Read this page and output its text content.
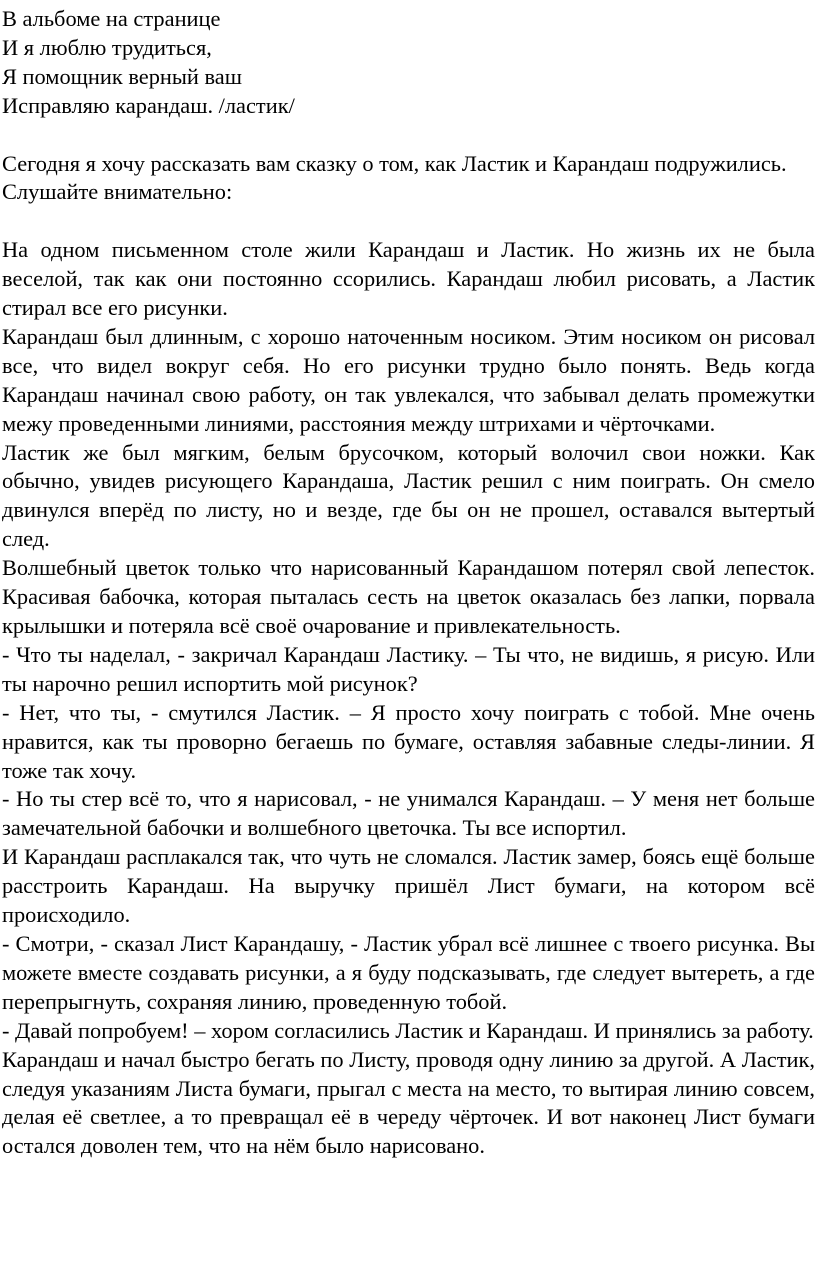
В альбоме на странице
И я люблю трудиться,
Я помощник верный ваш
Исправляю карандаш. /ластик/

Сегодня я хочу рассказать вам сказку о том, как Ластик и Карандаш подружились.

Слушайте внимательно:

На одном письменном столе жили Карандаш и Ластик. Но жизнь их не была веселой, так как они постоянно ссорились. Карандаш любил рисовать, а Ластик стирал все его рисунки.

Карандаш был длинным, с хорошо наточенным носиком. Этим носиком он рисовал все, что видел вокруг себя. Но его рисунки трудно было понять. Ведь когда Карандаш начинал свою работу, он так увлекался, что забывал делать промежутки межу проведенными линиями, расстояния между штрихами и чёрточками.

Ластик же был мягким, белым брусочком, который волочил свои ножки. Как обычно, увидев рисующего Карандаша, Ластик решил с ним поиграть. Он смело двинулся вперёд по листу, но и везде, где бы он не прошел, оставался вытертый след.

Волшебный цветок только что нарисованный Карандашом потерял свой лепесток. Красивая бабочка, которая пыталась сесть на цветок оказалась без лапки, порвала крылышки и потеряла всё своё очарование и привлекательность.

- Что ты наделал, - закричал Карандаш Ластику. – Ты что, не видишь, я рисую. Или ты нарочно решил испортить мой рисунок?

- Нет, что ты, - смутился Ластик. – Я просто хочу поиграть с тобой. Мне очень нравится, как ты проворно бегаешь по бумаге, оставляя забавные следы-линии. Я тоже так хочу.

- Но ты стер всё то, что я нарисовал, - не унимался Карандаш. – У меня нет больше замечательной бабочки и волшебного цветочка. Ты все испортил.

И Карандаш расплакался так, что чуть не сломался. Ластик замер, боясь ещё больше расстроить Карандаш. На выручку пришёл Лист бумаги, на котором всё происходило.

- Смотри, - сказал Лист Карандашу, - Ластик убрал всё лишнее с твоего рисунка. Вы можете вместе создавать рисунки, а я буду подсказывать, где следует вытереть, а где перепрыгнуть, сохраняя линию, проведенную тобой.

- Давай попробуем! – хором согласились Ластик и Карандаш. И принялись за работу.

Карандаш и начал быстро бегать по Листу, проводя одну линию за другой. А Ластик, следуя указаниям Листа бумаги, прыгал с места на место, то вытирая линию совсем, делая её светлее, а то превращал её в череду чёрточек. И вот наконец Лист бумаги остался доволен тем, что на нём было нарисовано.
